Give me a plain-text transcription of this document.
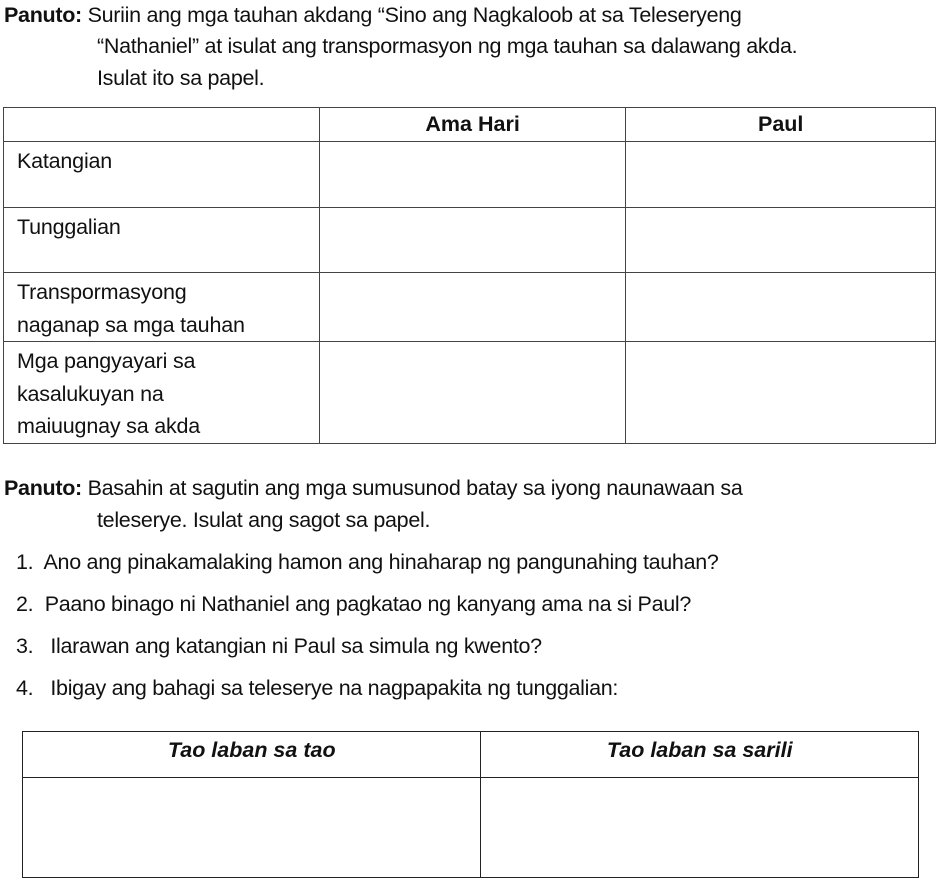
Panuto: Suriin ang mga tauhan akdang “Sino ang Nagkaloob at sa Teleseryeng
“Nathaniel” at isulat ang transpormasyon ng mga tauhan sa dalawang akda.
Isulat ito sa papel.
	Ama Hari	Paul

Katangian		

Tunggalian		

Transpormasyong
naganap sa mga tauhan		

Mga pangyayari sa
kasalukuyan na
maiuugnay sa akda		

Panuto: Basahin at sagutin ang mga sumusunod batay sa iyong naunawaan sa
teleserye. Isulat ang sagot sa papel.
1. Ano ang pinakamalaking hamon ang hinaharap ng pangunahing tauhan?
2. Paano binago ni Nathaniel ang pagkatao ng kanyang ama na si Paul?
3. Ilarawan ang katangian ni Paul sa simula ng kwento?
4. Ibigay ang bahagi sa teleserye na nagpapakita ng tunggalian:
Tao laban sa tao	Tao laban sa sarili
